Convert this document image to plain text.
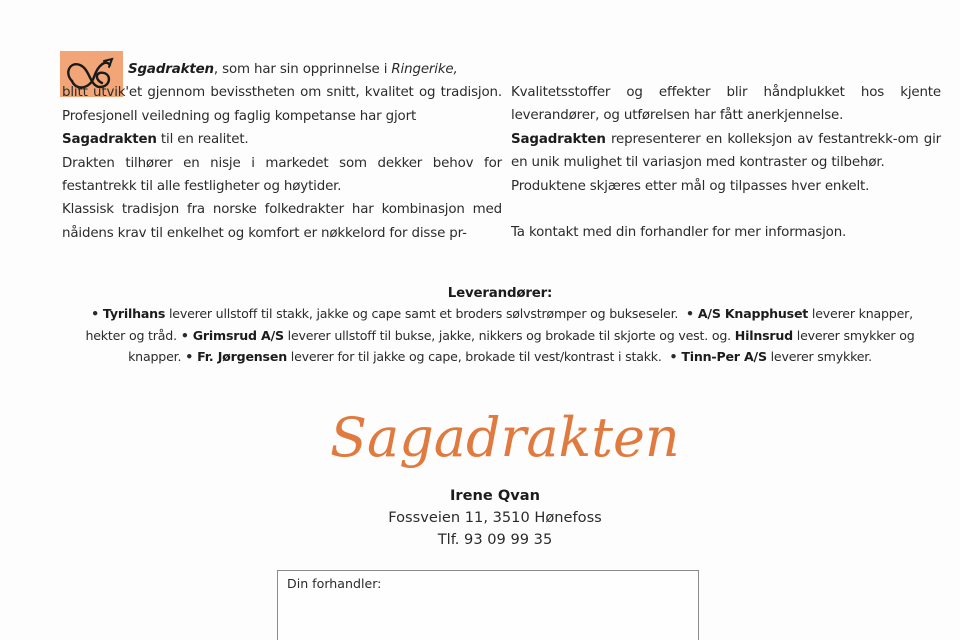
Sgadrakten, som har sin opprinnelse i Ringerike,
blitt utvik'et gjennom bevisstheten om snitt, kvalitet og tradisjon. Profesjonell veiledning og faglig kompetanse har gjort
Sagadrakten til en realitet.

Drakten tilhører en nisje i markedet som dekker behov for festantrekk til alle festligheter og høytider.

Klassisk tradisjon fra norske folkedrakter har kombinasjon med nåidens krav til enkelhet og komfort er nøkkelord for disse pr-

Kvalitetsstoffer og effekter blir håndplukket hos kjente leverandører, og utførelsen har fått anerkjennelse.

Sagadrakten representerer en kolleksjon av festantrekk-om gir en unik mulighet til variasjon med kontraster og tilbehør.

Produktene skjæres etter mål og tilpasses hver enkelt.

Ta kontakt med din forhandler for mer informasjon.

Leverandører:
• Tyrilhans leverer ullstoff til stakk, jakke og cape samt et broders sølvstrømper og bukseseler. • A/S Knapphuset leverer knapper,
hekter og tråd. • Grimsrud A/S leverer ullstoff til bukse, jakke, nikkers og brokade til skjorte og vest. og. Hilnsrud leverer smykker og
knapper. • Fr. Jørgensen leverer for til jakke og cape, brokade til vest/kontrast i stakk. • Tinn-Per A/S leverer smykker.
Sagadrakten
Irene Qvan
Fossveien 11, 3510 Hønefoss
Tlf. 93 09 99 35
Din forhandler:
